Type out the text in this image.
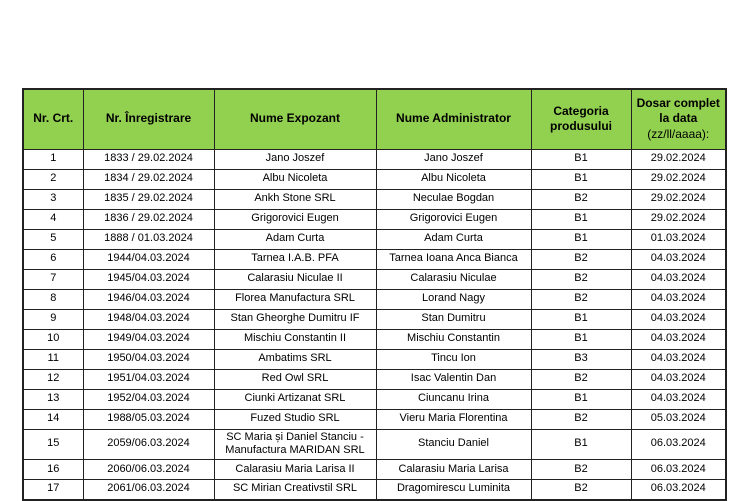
Nr. Crt.	Nr. Înregistrare	Nume Expozant	Nume Administrator	Categoria produsului	Dosar complet la data
(zz/ll/aaaa):

1	1833 / 29.02.2024	Jano Joszef	Jano Joszef	B1	29.02.2024
2	1834 / 29.02.2024	Albu Nicoleta	Albu Nicoleta	B1	29.02.2024
3	1835 / 29.02.2024	Ankh Stone SRL	Neculae Bogdan	B2	29.02.2024
4	1836 / 29.02.2024	Grigorovici Eugen	Grigorovici Eugen	B1	29.02.2024
5	1888 / 01.03.2024	Adam Curta	Adam Curta	B1	01.03.2024
6	1944/04.03.2024	Tarnea I.A.B. PFA	Tarnea Ioana Anca Bianca	B2	04.03.2024
7	1945/04.03.2024	Calarasiu Niculae II	Calarasiu Niculae	B2	04.03.2024
8	1946/04.03.2024	Florea Manufactura SRL	Lorand Nagy	B2	04.03.2024
9	1948/04.03.2024	Stan Gheorghe Dumitru IF	Stan Dumitru	B1	04.03.2024
10	1949/04.03.2024	Mischiu Constantin II	Mischiu Constantin	B1	04.03.2024
11	1950/04.03.2024	Ambatims SRL	Tincu Ion	B3	04.03.2024
12	1951/04.03.2024	Red Owl SRL	Isac Valentin Dan	B2	04.03.2024
13	1952/04.03.2024	Ciunki Artizanat SRL	Ciuncanu Irina	B1	04.03.2024
14	1988/05.03.2024	Fuzed Studio SRL	Vieru Maria Florentina	B2	05.03.2024
15	2059/06.03.2024	SC Maria și Daniel Stanciu - Manufactura MARIDAN SRL	Stanciu Daniel	B1	06.03.2024
16	2060/06.03.2024	Calarasiu Maria Larisa II	Calarasiu Maria Larisa	B2	06.03.2024
17	2061/06.03.2024	SC Mirian Creativstil SRL	Dragomirescu Luminita	B2	06.03.2024
